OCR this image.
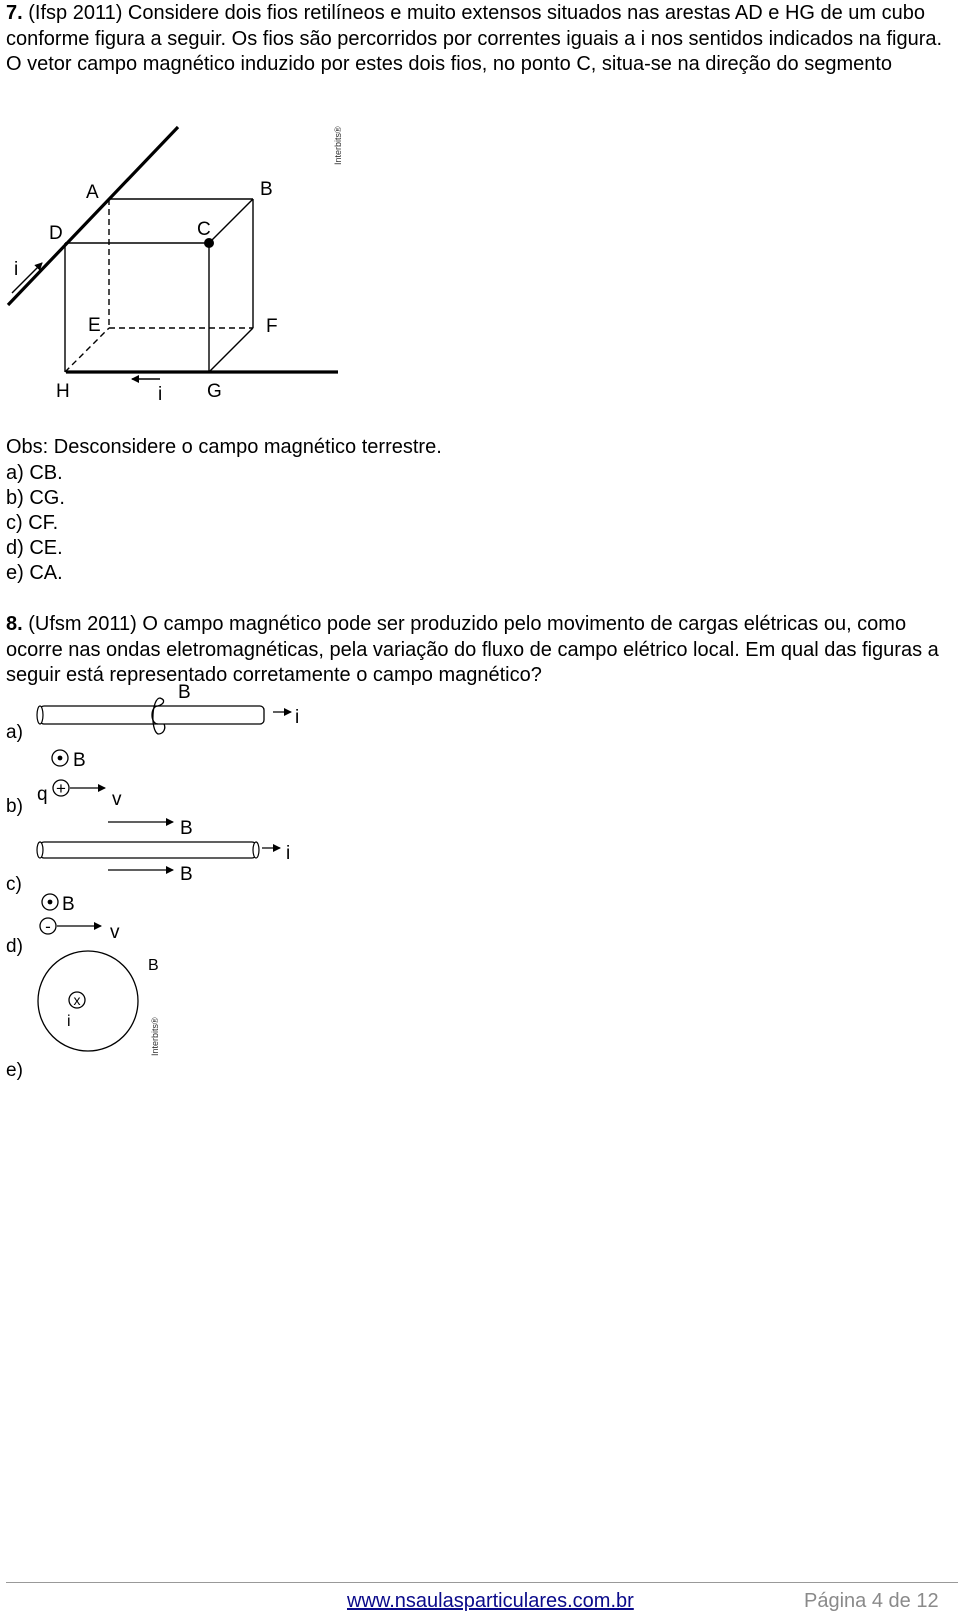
7. (Ifsp 2011) Considere dois fios retilíneos e muito extensos situados nas arestas AD e HG de um cubo conforme figura a seguir. Os fios são percorridos por correntes iguais a i nos sentidos indicados na figura. O vetor campo magnético induzido por estes dois fios, no ponto C, situa-se na direção do segmento
A	B
C
D
E	F
G
H
i
i
Interbits®
Obs: Desconsidere o campo magnético terrestre.
a) CB.
b) CG.
c) CF.
d) CE.
e) CA.
8. (Ufsm 2011) O campo magnético pode ser produzido pelo movimento de cargas elétricas ou, como ocorre nas ondas eletromagnéticas, pela variação do fluxo de campo elétrico local. Em qual das figuras a seguir está representado corretamente o campo magnético?
a)
b)
c)
d)
e)
B
i
B
q +
v
B
i
B
B
-	v
x
i
B
Interbits®
www.nsaulasparticulares.com.br	Página 4 de 12
